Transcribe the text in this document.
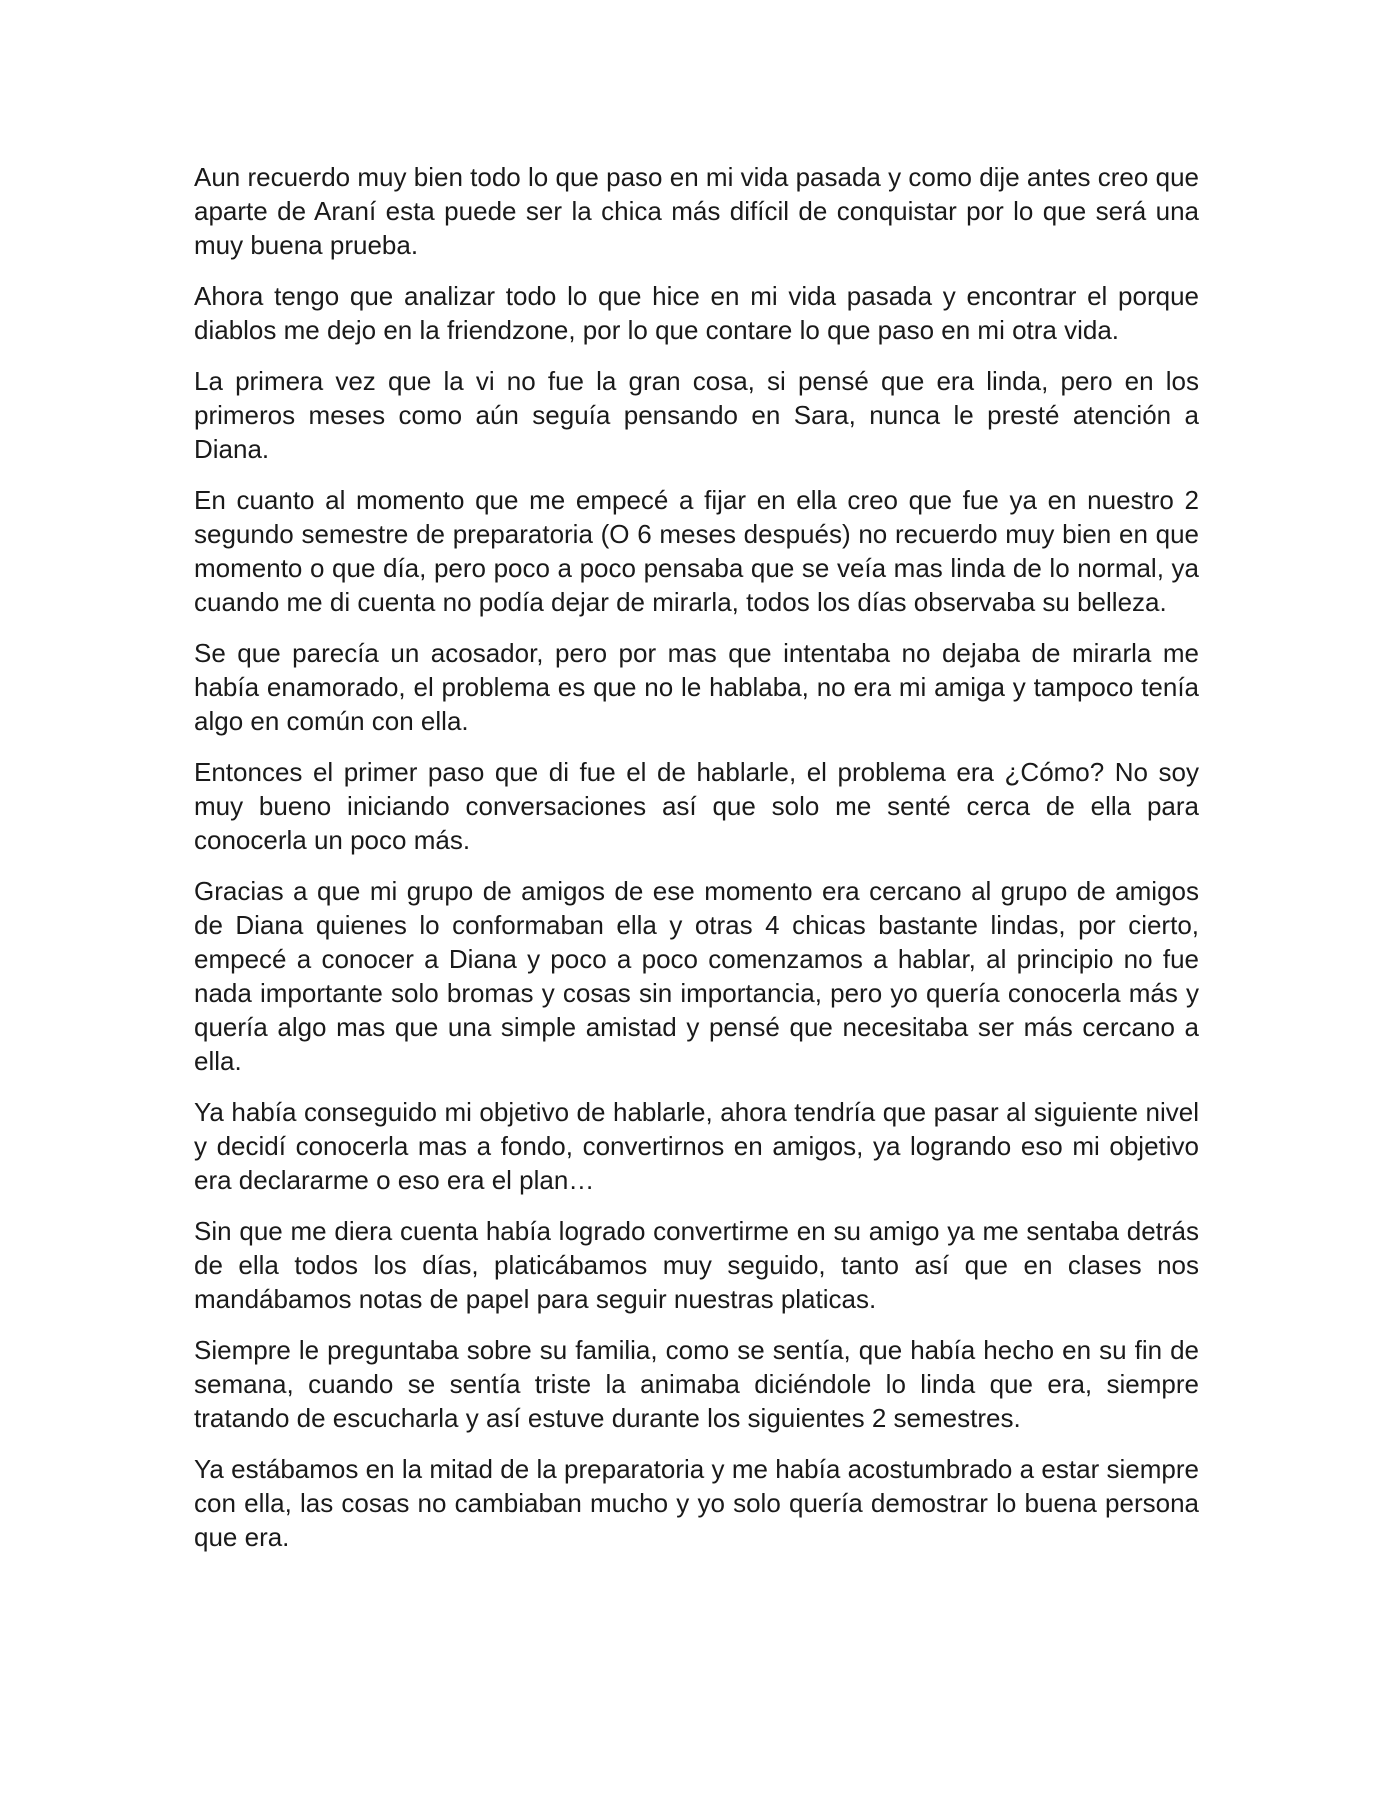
Aun recuerdo muy bien todo lo que paso en mi vida pasada y como dije antes creo que aparte de Araní esta puede ser la chica más difícil de conquistar por lo que será una muy buena prueba.

Ahora tengo que analizar todo lo que hice en mi vida pasada y encontrar el porque diablos me dejo en la friendzone, por lo que contare lo que paso en mi otra vida.

La primera vez que la vi no fue la gran cosa, si pensé que era linda, pero en los primeros meses como aún seguía pensando en Sara, nunca le presté atención a Diana.

En cuanto al momento que me empecé a fijar en ella creo que fue ya en nuestro 2 segundo semestre de preparatoria (O 6 meses después) no recuerdo muy bien en que momento o que día, pero poco a poco pensaba que se veía mas linda de lo normal, ya cuando me di cuenta no podía dejar de mirarla, todos los días observaba su belleza.

Se que parecía un acosador, pero por mas que intentaba no dejaba de mirarla me había enamorado, el problema es que no le hablaba, no era mi amiga y tampoco tenía algo en común con ella.

Entonces el primer paso que di fue el de hablarle, el problema era ¿Cómo? No soy muy bueno iniciando conversaciones así que solo me senté cerca de ella para conocerla un poco más.

Gracias a que mi grupo de amigos de ese momento era cercano al grupo de amigos de Diana quienes lo conformaban ella y otras 4 chicas bastante lindas, por cierto, empecé a conocer a Diana y poco a poco comenzamos a hablar, al principio no fue nada importante solo bromas y cosas sin importancia, pero yo quería conocerla más y quería algo mas que una simple amistad y pensé que necesitaba ser más cercano a ella.

Ya había conseguido mi objetivo de hablarle, ahora tendría que pasar al siguiente nivel y decidí conocerla mas a fondo, convertirnos en amigos, ya logrando eso mi objetivo era declararme o eso era el plan…

Sin que me diera cuenta había logrado convertirme en su amigo ya me sentaba detrás de ella todos los días, platicábamos muy seguido, tanto así que en clases nos mandábamos notas de papel para seguir nuestras platicas.

Siempre le preguntaba sobre su familia, como se sentía, que había hecho en su fin de semana, cuando se sentía triste la animaba diciéndole lo linda que era, siempre tratando de escucharla y así estuve durante los siguientes 2 semestres.

Ya estábamos en la mitad de la preparatoria y me había acostumbrado a estar siempre con ella, las cosas no cambiaban mucho y yo solo quería demostrar lo buena persona que era.
